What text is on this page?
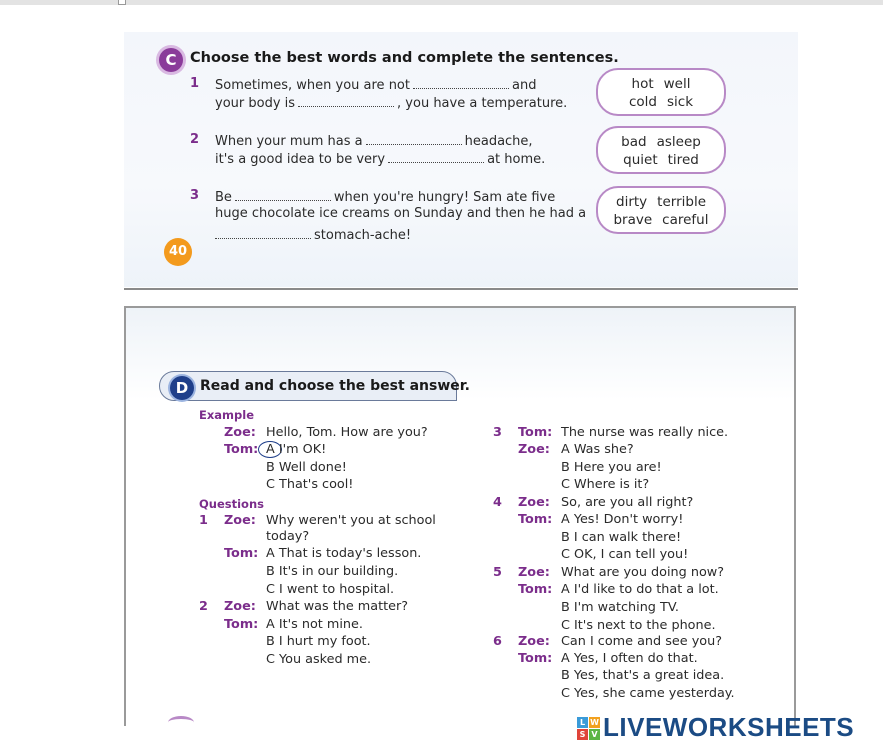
C Choose the best words and complete the sentences.
1 Sometimes, when you are not	and
your body is	, you have a temperature.
2 When your mum has a	headache,
it's a good idea to be very	at home.
3 Be	when you're hungry! Sam ate five
huge chocolate ice creams on Sunday and then he had a
stomach-ache!
hot well
cold sick
bad asleep
quiet tired
dirty terrible
brave careful
40
D Read and choose the best answer.
Example
Zoe: Hello, Tom. How are you?
Tom: A I'm OK!
B Well done!
C That's cool!
Questions
1 Zoe: Why weren't you at school
today?
Tom: A That is today's lesson.
B It's in our building.
C I went to hospital.
2 Zoe: What was the matter?
Tom: A It's not mine.
B I hurt my foot.
C You asked me.
3 Tom: The nurse was really nice.
Zoe: A Was she?
B Here you are!
C Where is it?
4 Zoe: So, are you all right?
Tom: A Yes! Don't worry!
B I can walk there!
C OK, I can tell you!
5 Zoe: What are you doing now?
Tom: A I'd like to do that a lot.
B I'm watching TV.
C It's next to the phone.
6 Zoe: Can I come and see you?
Tom: A Yes, I often do that.
B Yes, that's a great idea.
C Yes, she came yesterday.
L W
S V LIVEWORKSHEETS
